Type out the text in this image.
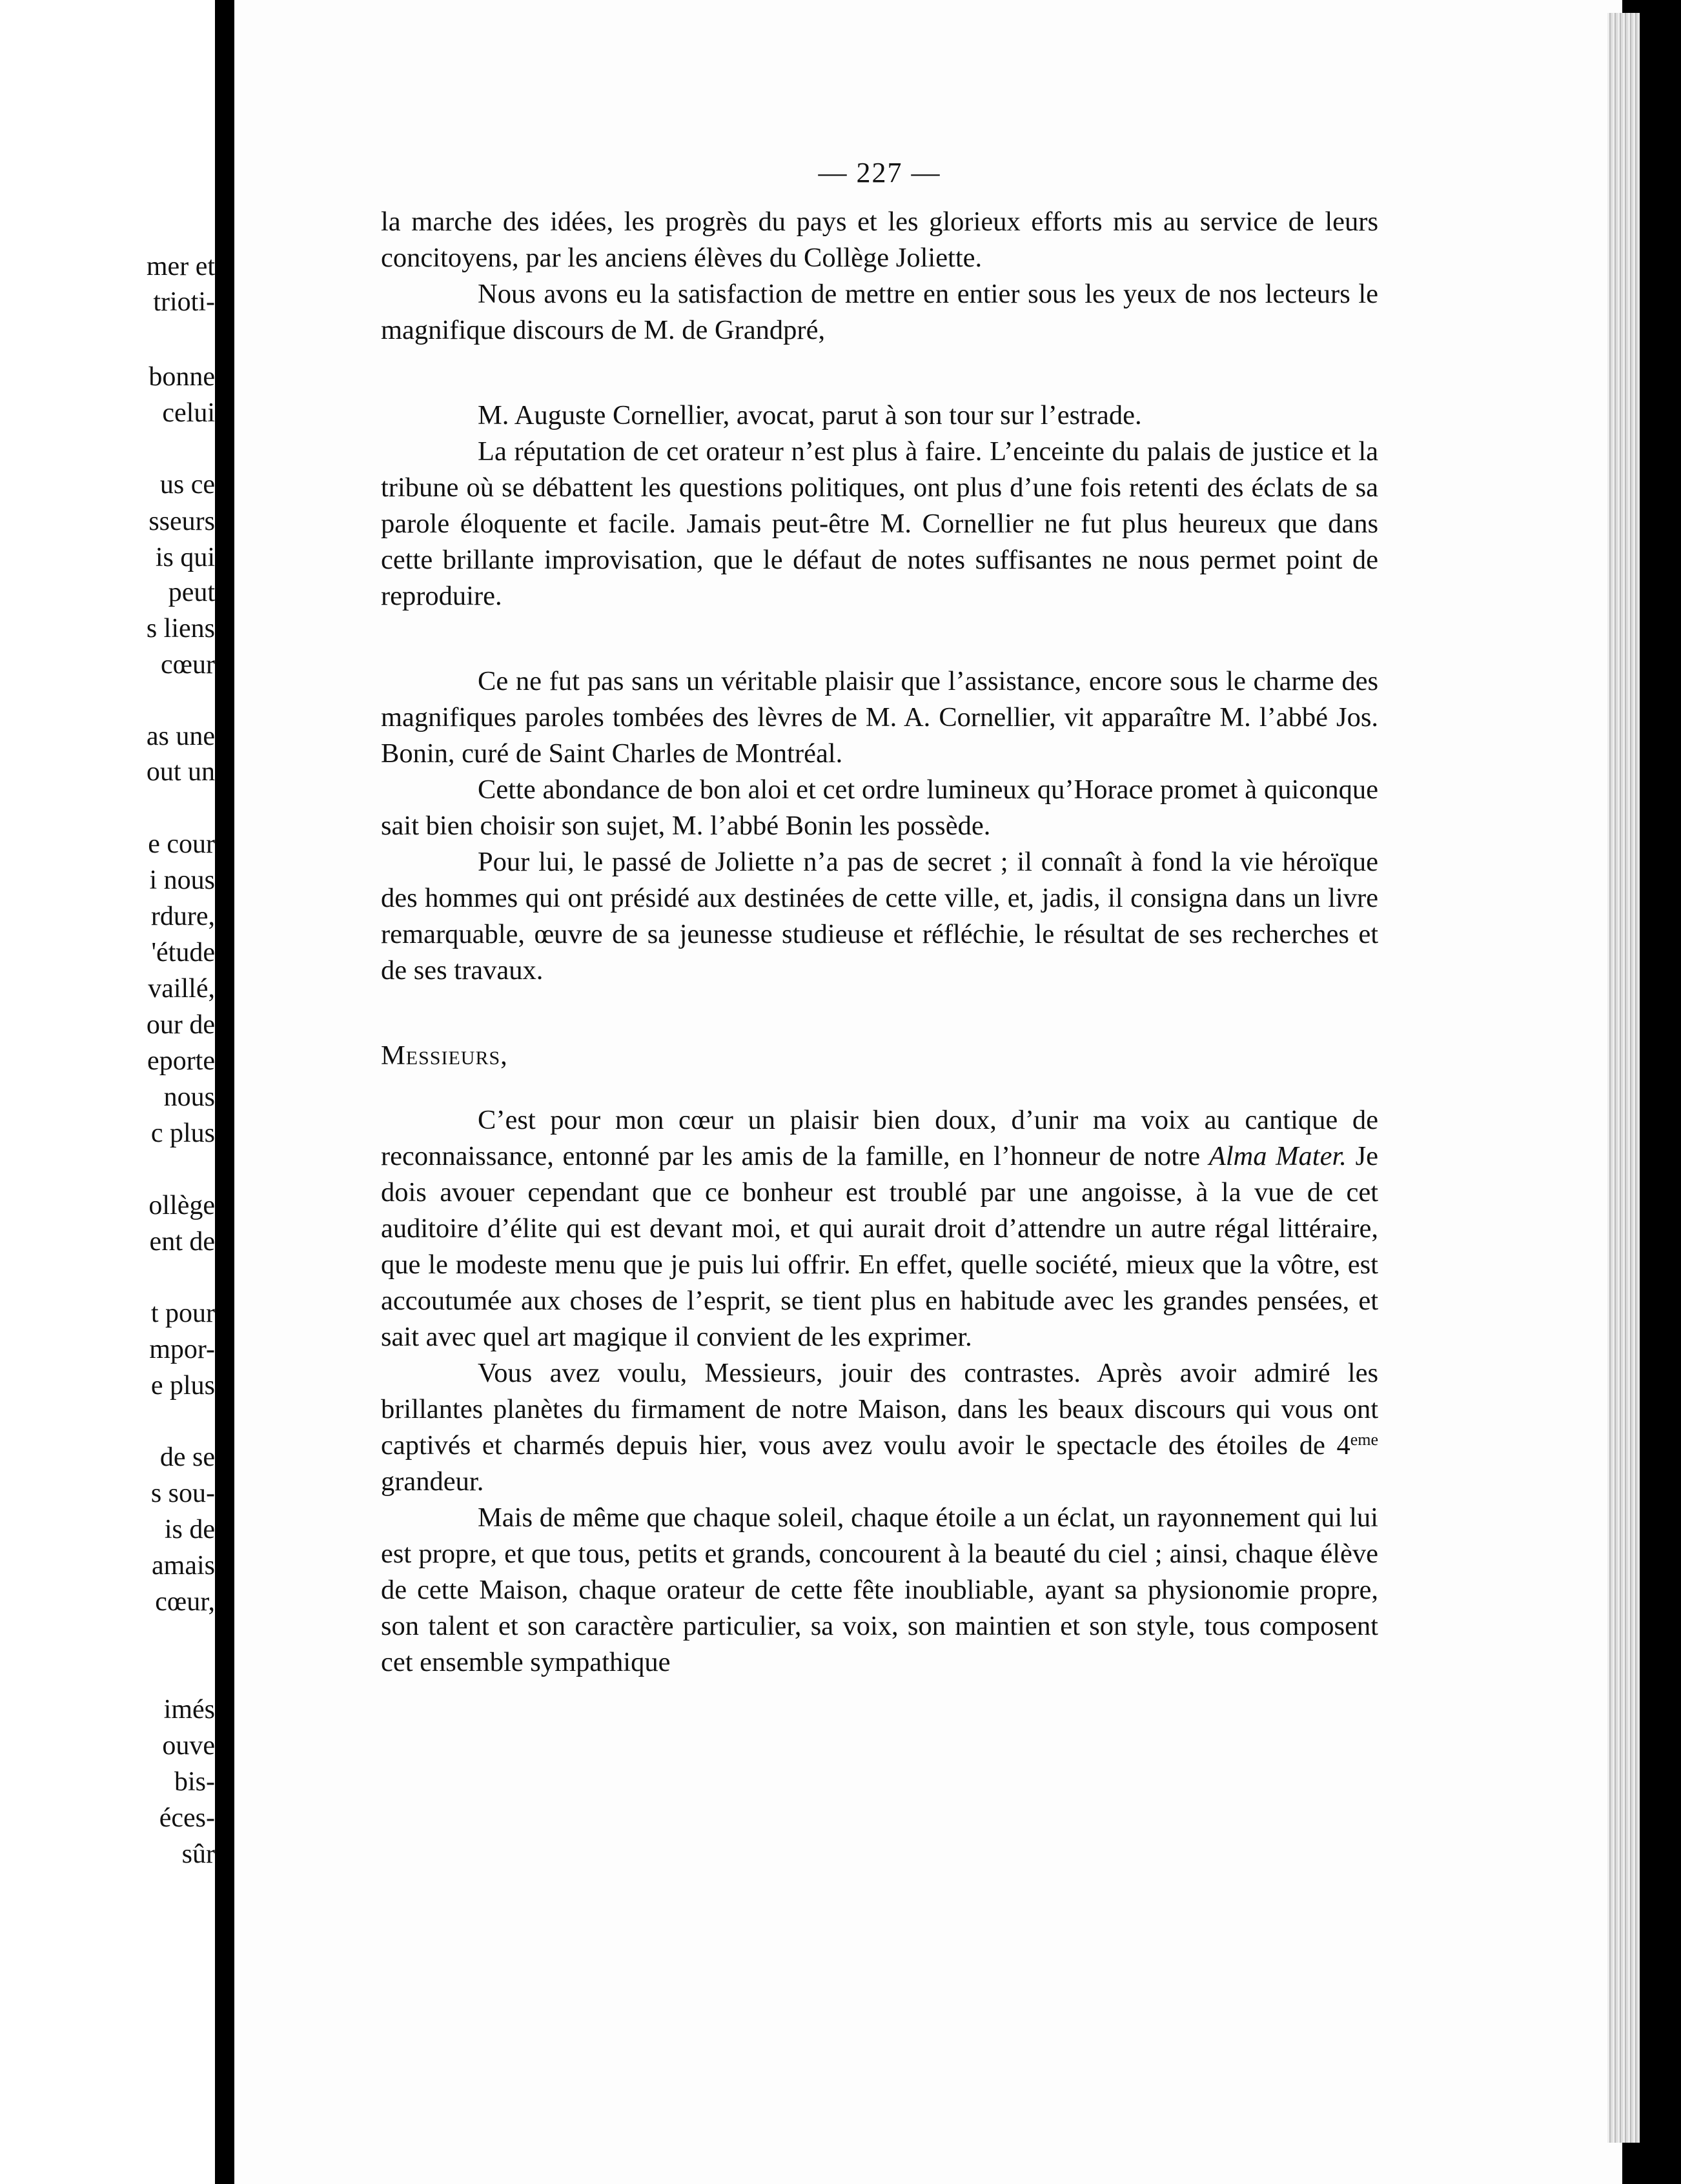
mer et
trioti-
bonne
celui
us ce
sseurs
is qui
peut
s liens
cœur
as une
out un
e cour
i nous
rdure,
'étude
vaillé,
our de
eporte
nous
c plus
ollège
ent de
t pour
mpor-
e plus
de se
s sou-
is de
amais
cœur,
imés
ouve
bis-
éces-
sûr
— 227 —

la marche des idées, les progrès du pays et les glorieux efforts mis au service de leurs concitoyens, par les anciens élèves du Collège Joliette.

Nous avons eu la satisfaction de mettre en entier sous les yeux de nos lecteurs le magnifique discours de M. de Grandpré,

M. Auguste Cornellier, avocat, parut à son tour sur l’estrade.

La réputation de cet orateur n’est plus à faire. L’enceinte du palais de justice et la tribune où se débattent les questions politiques, ont plus d’une fois retenti des éclats de sa parole éloquente et facile. Jamais peut-être M. Cornellier ne fut plus heureux que dans cette brillante improvisation, que le défaut de notes suffisantes ne nous permet point de reproduire.

Ce ne fut pas sans un véritable plaisir que l’assistance, encore sous le charme des magnifiques paroles tombées des lèvres de M. A. Cornellier, vit apparaître M. l’abbé Jos. Bonin, curé de Saint Charles de Montréal.

Cette abondance de bon aloi et cet ordre lumineux qu’Horace promet à quiconque sait bien choisir son sujet, M. l’abbé Bonin les possède.

Pour lui, le passé de Joliette n’a pas de secret ; il connaît à fond la vie héroïque des hommes qui ont présidé aux destinées de cette ville, et, jadis, il consigna dans un livre remarquable, œuvre de sa jeunesse studieuse et réfléchie, le résultat de ses recherches et de ses travaux.

Messieurs,

C’est pour mon cœur un plaisir bien doux, d’unir ma voix au cantique de reconnaissance, entonné par les amis de la famille, en l’honneur de notre Alma Mater. Je dois avouer cependant que ce bonheur est troublé par une angoisse, à la vue de cet auditoire d’élite qui est devant moi, et qui aurait droit d’attendre un autre régal littéraire, que le modeste menu que je puis lui offrir. En effet, quelle société, mieux que la vôtre, est accoutumée aux choses de l’esprit, se tient plus en habitude avec les grandes pensées, et sait avec quel art magique il convient de les exprimer.

Vous avez voulu, Messieurs, jouir des contrastes. Après avoir admiré les brillantes planètes du firmament de notre Maison, dans les beaux discours qui vous ont captivés et charmés depuis hier, vous avez voulu avoir le spectacle des étoiles de 4eme grandeur.

Mais de même que chaque soleil, chaque étoile a un éclat, un rayonnement qui lui est propre, et que tous, petits et grands, concourent à la beauté du ciel ; ainsi, chaque élève de cette Maison, chaque orateur de cette fête inoubliable, ayant sa physionomie propre, son talent et son caractère particulier, sa voix, son maintien et son style, tous composent cet ensemble sympathique
